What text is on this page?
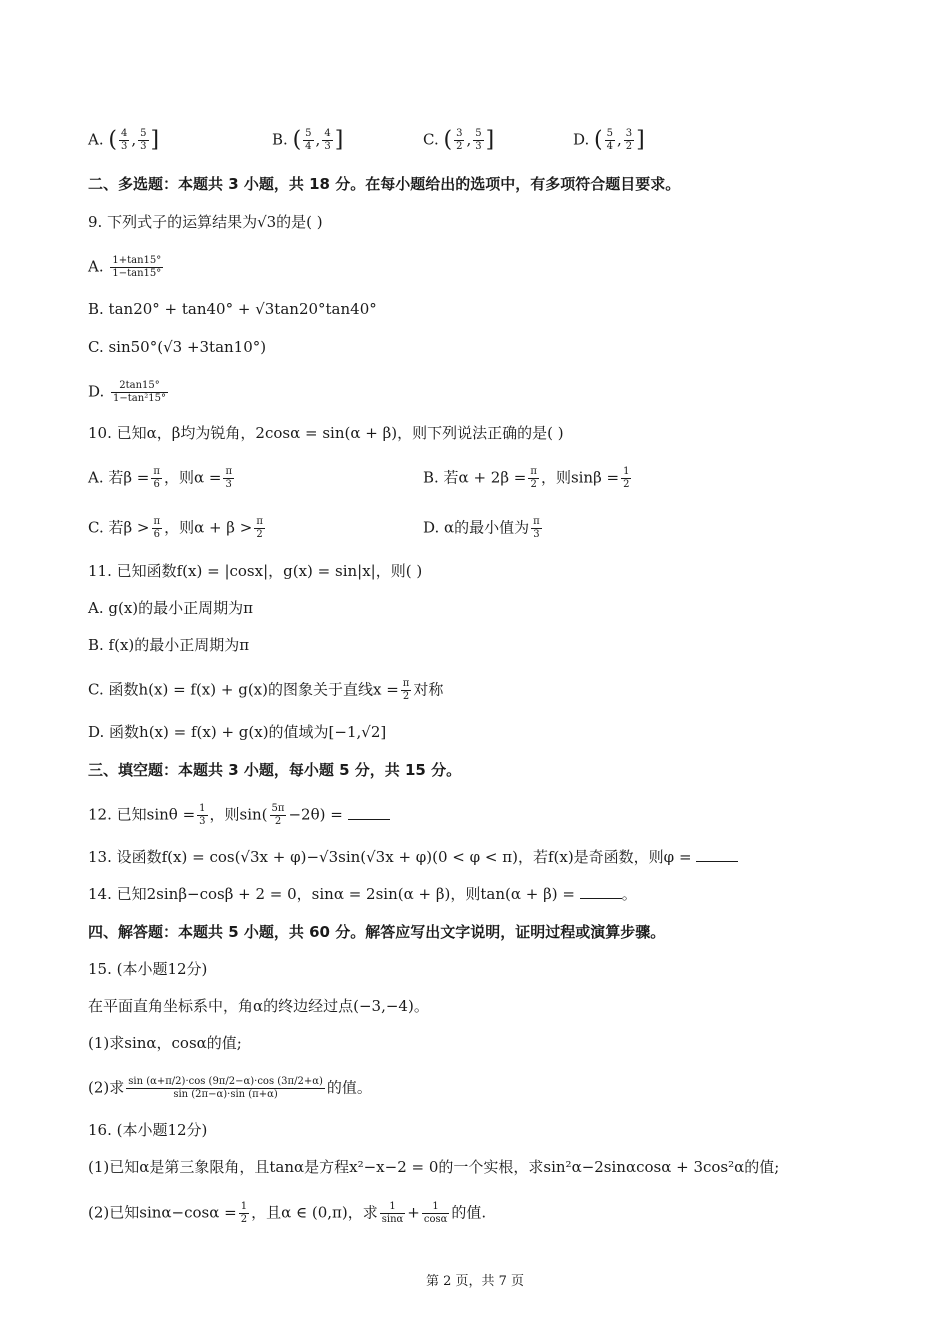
A. ( $\frac{4}{3}$ , $\frac{5}{3}$ ]	B. ( $\frac{5}{4}$ , $\frac{4}{3}$ ]	C. ( $\frac{3}{2}$ , $\frac{5}{3}$ ]	D. ( $\frac{5}{4}$ , $\frac{3}{2}$ ]
二、多选题：本题共 3 小题，共 18 分。在每小题给出的选项中，有多项符合题目要求。
9. 下列式子的运算结果为√3的是( )
A. $\frac{1+\tan 15^\circ}{1-\tan 15^\circ}$
B. tan20° + tan40° + √3tan20°tan40°
C. sin50°(√3 +3tan10°)
D. $\frac{2\tan 15^\circ}{\text{1−tan²15°}}$
10. 已知α，β均为锐角，2cosα = sin(α + β)，则下列说法正确的是( )
A. 若$\beta = \frac{\pi}{6}$ ，则$\alpha = \frac{\pi}{3}$	B. 若$\alpha + 2\beta = \frac{\pi}{2}$ ，则$\sin\beta = \frac{1}{2}$
C. 若$\beta > \frac{\pi}{6}$ ，则$\alpha + \beta > \frac{\pi}{2}$	D. α的最小值为 $\frac{\pi}{3}$
11. 已知函数f(x) = |cosx|，g(x) = sin|x|，则( )
A. g(x)的最小正周期为π
B. f(x)的最小正周期为π
C. 函数h(x) = f(x) + g(x)的图象关于直线$x = \frac{\pi}{2}$ 对称
D. 函数h(x) = f(x) + g(x)的值域为[−1,√2]
三、填空题：本题共 3 小题，每小题 5 分，共 15 分。
12. 已知$\sin\theta = \frac{1}{3}$ ，则$\sin( \frac{5\pi}{2} -2\theta)$ =
13. 设函数f(x) = cos(√3x + φ)−√3sin(√3x + φ)(0 < φ < π)，若f(x)是奇函数，则φ =
14. 已知2sinβ−cosβ + 2 = 0，sinα = 2sin(α + β)，则tan(α + β) =	。
四、解答题：本题共 5 小题，共 60 分。解答应写出文字说明，证明过程或演算步骤。
15. (本小题12分)
在平面直角坐标系中，角α的终边经过点(−3,−4)。
(1)求sinα，cosα的值;
(2)求 $\frac{\sin (\alpha+\pi/2)\cdot\cos (9\pi/2-\alpha)\cdot\cos (3\pi/2+\alpha)}{\sin (2\pi-\alpha)\cdot\sin (\pi+\alpha)}$ 的值。
16. (本小题12分)
(1)已知α是第三象限角，且tanα是方程x²−x−2 = 0的一个实根，求sin²α−2sinαcosα + 3cos²α的值;
(2)已知$\sin\alpha-\cos\alpha = \frac{1}{2}$ ，且α ∈ (0,π)，求 $\frac{1}{\sin\alpha} + \frac{1}{\cos\alpha}$ 的值.
第 2 页，共 7 页
